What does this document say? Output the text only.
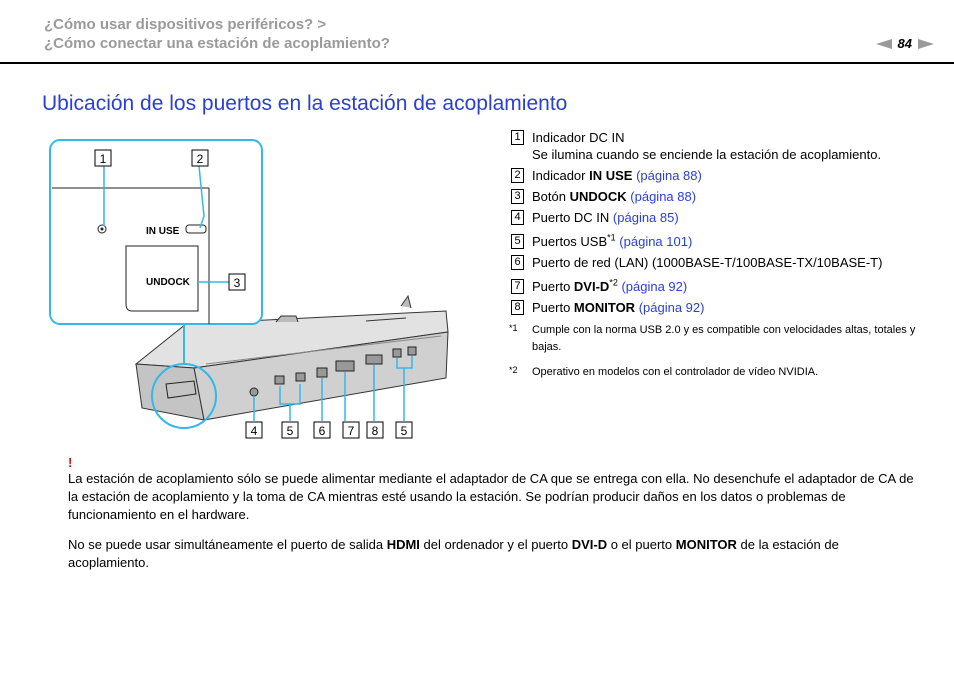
¿Cómo usar dispositivos periféricos? >
¿Cómo conectar una estación de acoplamiento?	84
Ubicación de los puertos en la estación de acoplamiento
IN USE
UNDOCK
1	2
3
4 5 6 7 8 5
1 Indicador DC IN
Se ilumina cuando se enciende la estación de acoplamiento.
2 Indicador IN USE (página 88)
3 Botón UNDOCK (página 88)
4 Puerto DC IN (página 85)
5 Puertos USB$^{*1}$ (página 101)
6 Puerto de red (LAN) (1000BASE-T/100BASE-TX/10BASE-T)
7 Puerto DVI-$D^{*2}$ (página 92)
8 Puerto MONITOR (página 92)
*1	Cumple con la norma USB 2.0 y es compatible con velocidades altas, totales y bajas.
*2	Operativo en modelos con el controlador de vídeo NVIDIA.
!

La estación de acoplamiento sólo se puede alimentar mediante el adaptador de CA que se entrega con ella. No desenchufe el adaptador de CA de la estación de acoplamiento y la toma de CA mientras esté usando la estación. Se podrían producir daños en los datos o problemas de funcionamiento en el hardware.

No se puede usar simultáneamente el puerto de salida HDMI del ordenador y el puerto DVI-D o el puerto MONITOR de la estación de acoplamiento.
